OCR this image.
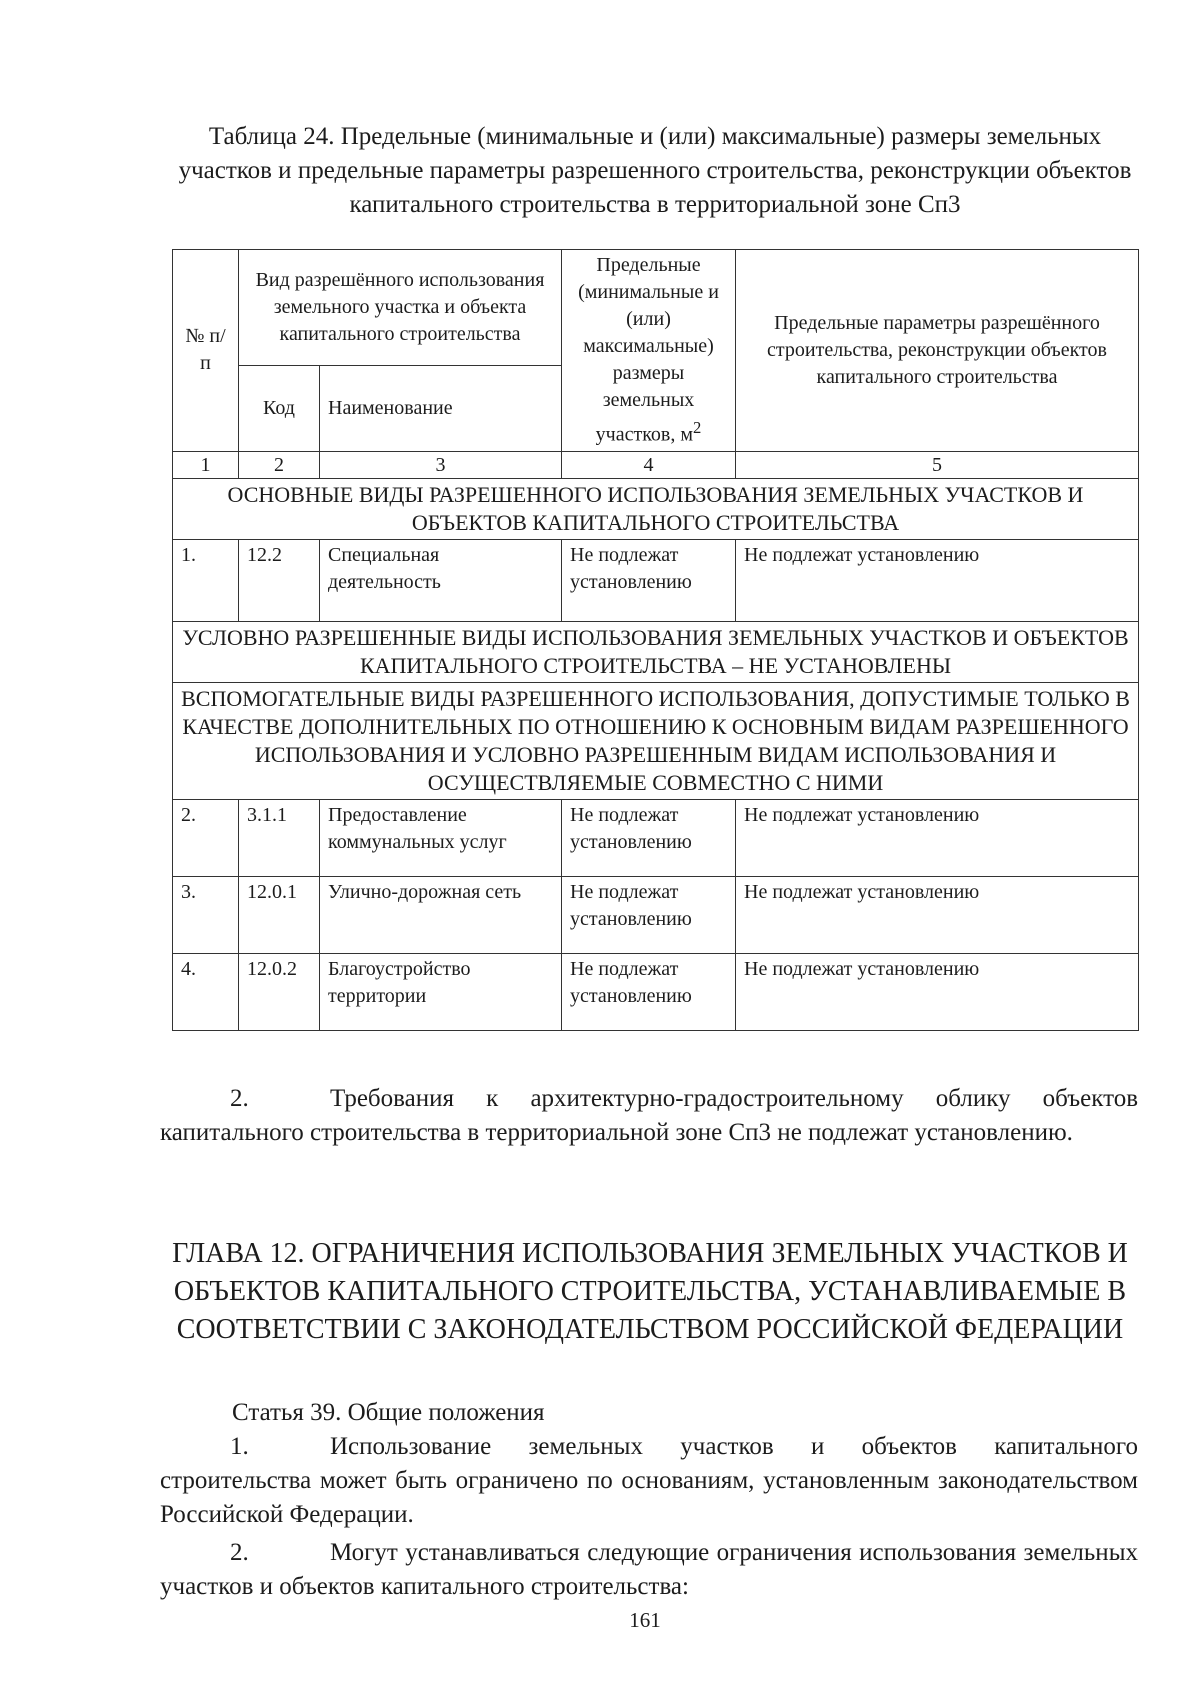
Таблица 24. Предельные (минимальные и (или) максимальные) размеры земельных участков и предельные параметры разрешенного строительства, реконструкции объектов капитального строительства в территориальной зоне Сп3
№ п/п	Вид разрешённого использования земельного участка и объекта капитального строительства		Предельные (минимальные и (или) максимальные) размеры земельных участков, $м^2$	Предельные параметры разрешённого строительства, реконструкции объектов капитального строительства
	Код	Наименование		
1	2	3	4	5
ОСНОВНЫЕ ВИДЫ РАЗРЕШЕННОГО ИСПОЛЬЗОВАНИЯ ЗЕМЕЛЬНЫХ УЧАСТКОВ И ОБЪЕКТОВ КАПИТАЛЬНОГО СТРОИТЕЛЬСТВА				
1.	12.2	Специальная деятельность	Не подлежат установлению	Не подлежат установлению
УСЛОВНО РАЗРЕШЕННЫЕ ВИДЫ ИСПОЛЬЗОВАНИЯ ЗЕМЕЛЬНЫХ УЧАСТКОВ И ОБЪЕКТОВ КАПИТАЛЬНОГО СТРОИТЕЛЬСТВА – НЕ УСТАНОВЛЕНЫ				
ВСПОМОГАТЕЛЬНЫЕ ВИДЫ РАЗРЕШЕННОГО ИСПОЛЬЗОВАНИЯ, ДОПУСТИМЫЕ ТОЛЬКО В КАЧЕСТВЕ ДОПОЛНИТЕЛЬНЫХ ПО ОТНОШЕНИЮ К ОСНОВНЫМ ВИДАМ РАЗРЕШЕННОГО ИСПОЛЬЗОВАНИЯ И УСЛОВНО РАЗРЕШЕННЫМ ВИДАМ ИСПОЛЬЗОВАНИЯ И ОСУЩЕСТВЛЯЕМЫЕ СОВМЕСТНО С НИМИ				
2.	3.1.1	Предоставление коммунальных услуг	Не подлежат установлению	Не подлежат установлению
3.	12.0.1	Улично-дорожная сеть	Не подлежат установлению	Не подлежат установлению
4.	12.0.2	Благоустройство территории	Не подлежат установлению	Не подлежат установлению
2.	Требования к архитектурно-градостроительному облику объектов капитального строительства в территориальной зоне Сп3 не подлежат установлению.
ГЛАВА 12. ОГРАНИЧЕНИЯ ИСПОЛЬЗОВАНИЯ ЗЕМЕЛЬНЫХ УЧАСТКОВ И ОБЪЕКТОВ КАПИТАЛЬНОГО СТРОИТЕЛЬСТВА, УСТАНАВЛИВАЕМЫЕ В СООТВЕТСТВИИ С ЗАКОНОДАТЕЛЬСТВОМ РОССИЙСКОЙ ФЕДЕРАЦИИ
Статья 39. Общие положения
1.	Использование земельных участков и объектов капитального строительства может быть ограничено по основаниям, установленным законодательством Российской Федерации.
2.	Могут устанавливаться следующие ограничения использования земельных участков и объектов капитального строительства:
161
